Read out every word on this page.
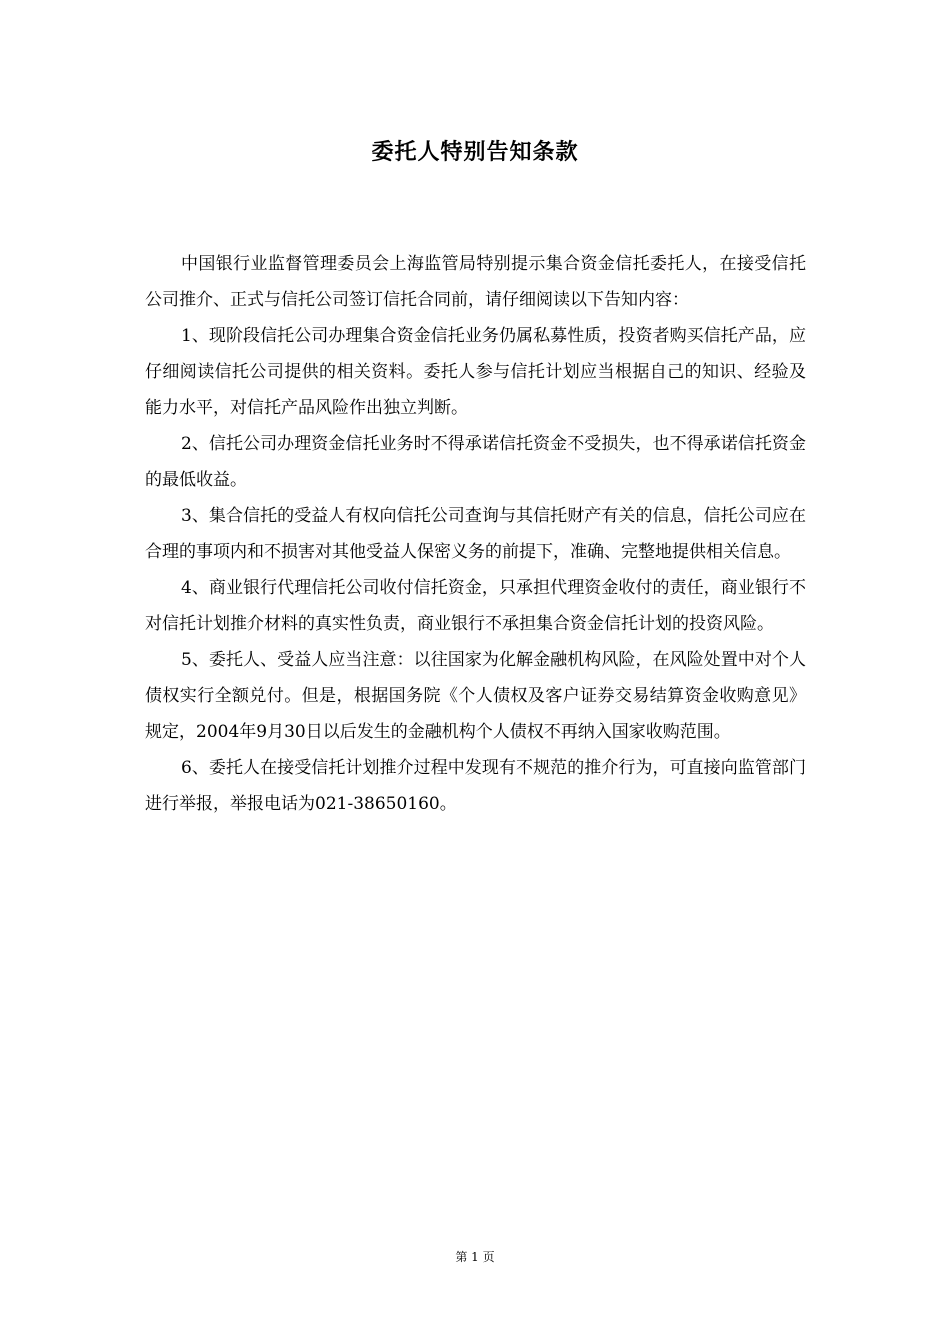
委托人特别告知条款

中国银行业监督管理委员会上海监管局特别提示集合资金信托委托人，在接受信托公司推介、正式与信托公司签订信托合同前，请仔细阅读以下告知内容：

1、现阶段信托公司办理集合资金信托业务仍属私募性质，投资者购买信托产品，应仔细阅读信托公司提供的相关资料。委托人参与信托计划应当根据自己的知识、经验及能力水平，对信托产品风险作出独立判断。

2、信托公司办理资金信托业务时不得承诺信托资金不受损失，也不得承诺信托资金的最低收益。

3、集合信托的受益人有权向信托公司查询与其信托财产有关的信息，信托公司应在合理的事项内和不损害对其他受益人保密义务的前提下，准确、完整地提供相关信息。

4、商业银行代理信托公司收付信托资金，只承担代理资金收付的责任，商业银行不对信托计划推介材料的真实性负责，商业银行不承担集合资金信托计划的投资风险。

5、委托人、受益人应当注意：以往国家为化解金融机构风险，在风险处置中对个人债权实行全额兑付。但是，根据国务院《个人债权及客户证券交易结算资金收购意见》规定，2004年9月30日以后发生的金融机构个人债权不再纳入国家收购范围。

6、委托人在接受信托计划推介过程中发现有不规范的推介行为，可直接向监管部门进行举报，举报电话为021-38650160。

第 1 页
